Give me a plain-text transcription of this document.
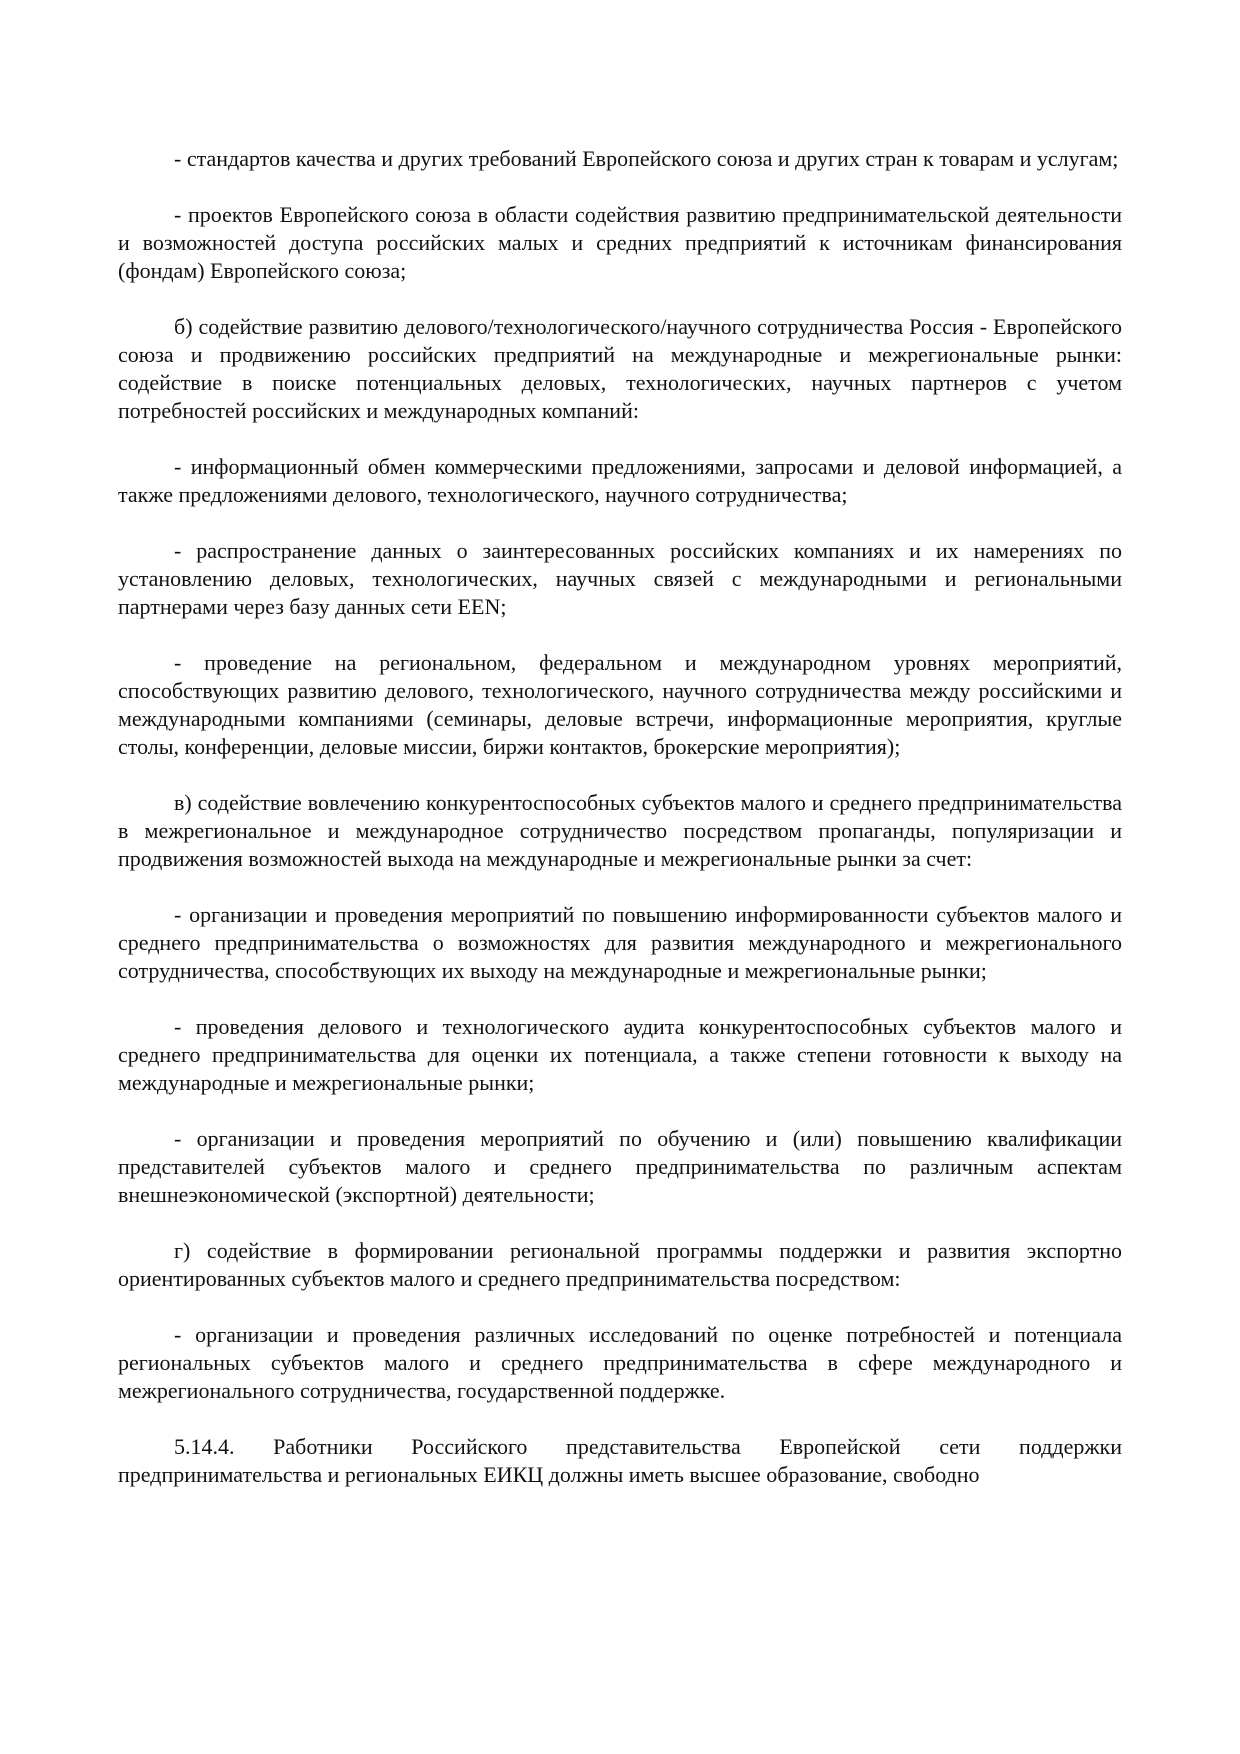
- стандартов качества и других требований Европейского союза и других стран к товарам и услугам;

- проектов Европейского союза в области содействия развитию предпринимательской деятельности и возможностей доступа российских малых и средних предприятий к источникам финансирования (фондам) Европейского союза;

б) содействие развитию делового/технологического/научного сотрудничества Россия - Европейского союза и продвижению российских предприятий на международные и межрегиональные рынки: содействие в поиске потенциальных деловых, технологических, научных партнеров с учетом потребностей российских и международных компаний:

- информационный обмен коммерческими предложениями, запросами и деловой информацией, а также предложениями делового, технологического, научного сотрудничества;

- распространение данных о заинтересованных российских компаниях и их намерениях по установлению деловых, технологических, научных связей с международными и региональными партнерами через базу данных сети EEN;

- проведение на региональном, федеральном и международном уровнях мероприятий, способствующих развитию делового, технологического, научного сотрудничества между российскими и международными компаниями (семинары, деловые встречи, информационные мероприятия, круглые столы, конференции, деловые миссии, биржи контактов, брокерские мероприятия);

в) содействие вовлечению конкурентоспособных субъектов малого и среднего предпринимательства в межрегиональное и международное сотрудничество посредством пропаганды, популяризации и продвижения возможностей выхода на международные и межрегиональные рынки за счет:

- организации и проведения мероприятий по повышению информированности субъектов малого и среднего предпринимательства о возможностях для развития международного и межрегионального сотрудничества, способствующих их выходу на международные и межрегиональные рынки;

- проведения делового и технологического аудита конкурентоспособных субъектов малого и среднего предпринимательства для оценки их потенциала, а также степени готовности к выходу на международные и межрегиональные рынки;

- организации и проведения мероприятий по обучению и (или) повышению квалификации представителей субъектов малого и среднего предпринимательства по различным аспектам внешнеэкономической (экспортной) деятельности;

г) содействие в формировании региональной программы поддержки и развития экспортно ориентированных субъектов малого и среднего предпринимательства посредством:

- организации и проведения различных исследований по оценке потребностей и потенциала региональных субъектов малого и среднего предпринимательства в сфере международного и межрегионального сотрудничества, государственной поддержке.

5.14.4. Работники Российского представительства Европейской сети поддержки предпринимательства и региональных ЕИКЦ должны иметь высшее образование, свободно
